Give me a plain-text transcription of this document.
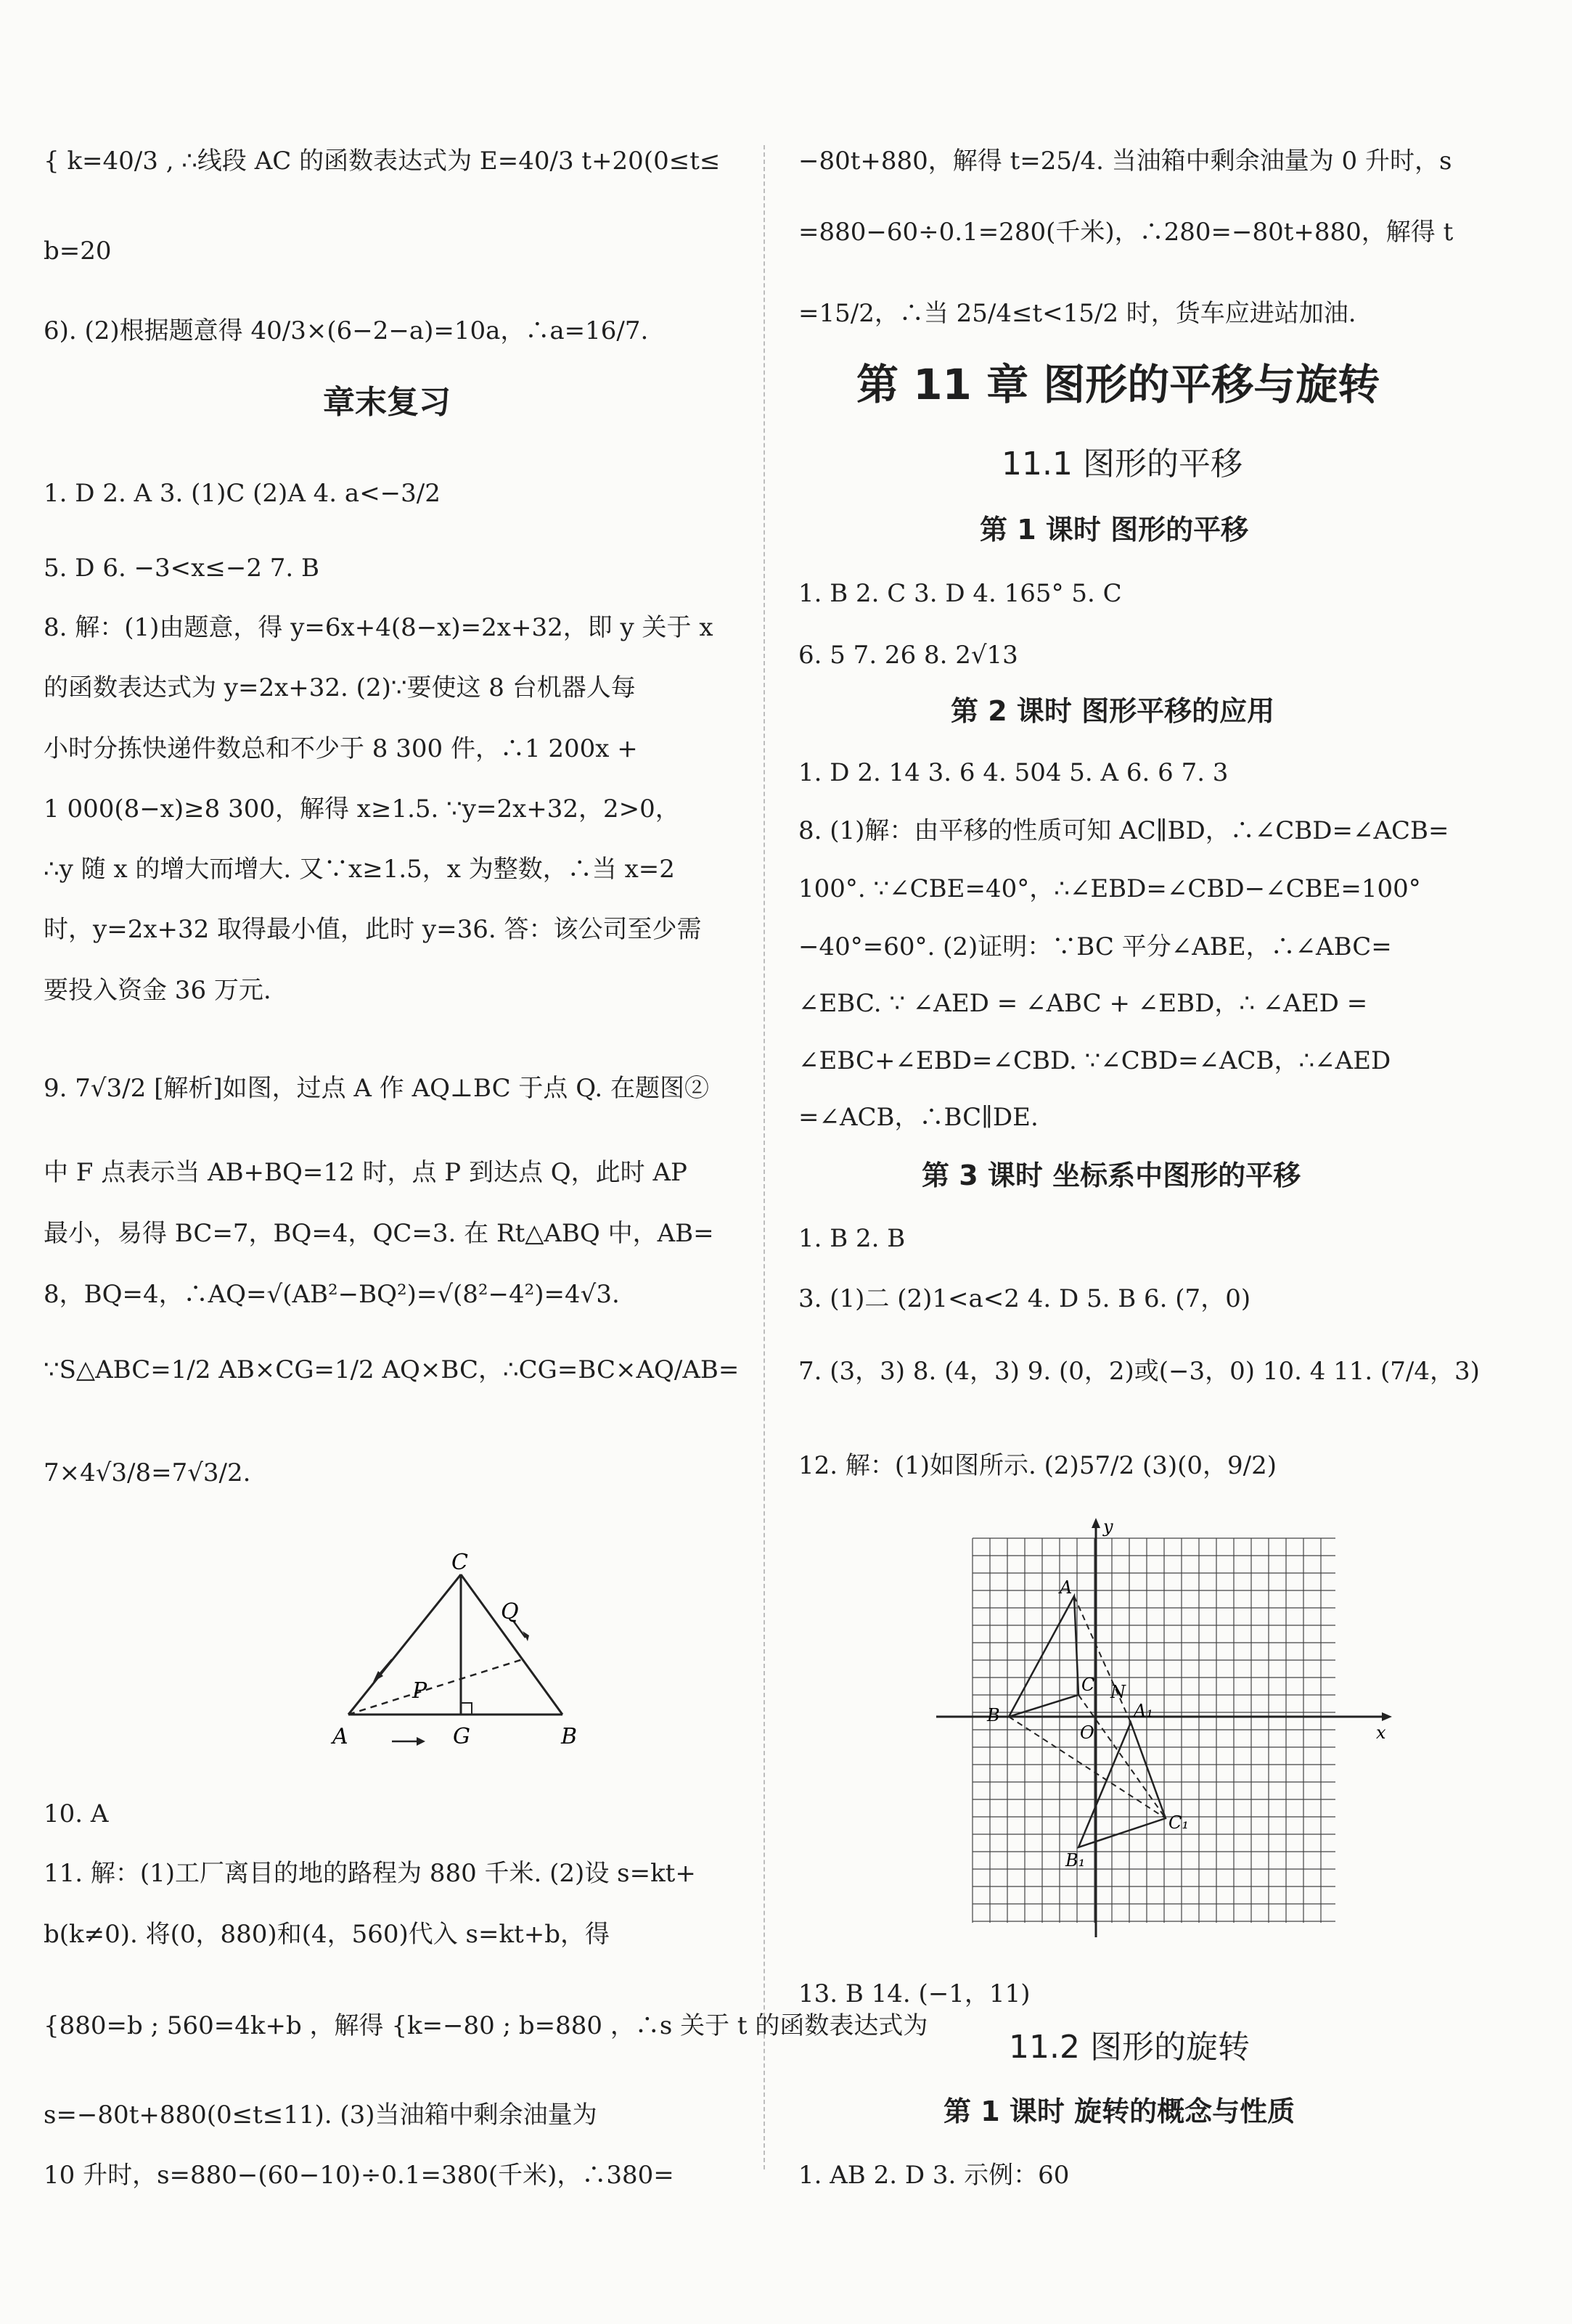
{ k=40/3 , ∴线段 AC 的函数表达式为 E=40/3 t+20(0≤t≤
b=20
6). (2)根据题意得 40/3×(6−2−a)=10a，∴a=16/7.
章末复习
1. D 2. A 3. (1)C (2)A 4. a<−3/2
5. D 6. −3<x≤−2 7. B
8. 解：(1)由题意，得 y=6x+4(8−x)=2x+32，即 y 关于 x
的函数表达式为 y=2x+32. (2)∵要使这 8 台机器人每
小时分拣快递件数总和不少于 8 300 件，∴1 200x +
1 000(8−x)≥8 300，解得 x≥1.5. ∵y=2x+32，2>0，
∴y 随 x 的增大而增大. 又∵x≥1.5，x 为整数，∴当 x=2
时，y=2x+32 取得最小值，此时 y=36. 答：该公司至少需
要投入资金 36 万元.
9. 7√3/2 [解析]如图，过点 A 作 AQ⊥BC 于点 Q. 在题图②
中 F 点表示当 AB+BQ=12 时，点 P 到达点 Q，此时 AP
最小，易得 BC=7，BQ=4，QC=3. 在 Rt△ABQ 中，AB=
8，BQ=4，∴AQ=√(AB²−BQ²)=√(8²−4²)=4√3.
∵S△ABC=1/2 AB×CG=1/2 AQ×BC，∴CG=BC×AQ/AB=
7×4√3/8=7√3/2.
C
Q
P
A	G	B
10. A
11. 解：(1)工厂离目的地的路程为 880 千米. (2)设 s=kt+
b(k≠0). 将(0，880)和(4，560)代入 s=kt+b，得
{880=b ; 560=4k+b ，解得 {k=−80 ; b=880 ，∴s 关于 t 的函数表达式为
s=−80t+880(0≤t≤11). (3)当油箱中剩余油量为
10 升时，s=880−(60−10)÷0.1=380(千米)，∴380=
−80t+880，解得 t=25/4. 当油箱中剩余油量为 0 升时，s
=880−60÷0.1=280(千米)，∴280=−80t+880，解得 t
=15/2，∴当 25/4≤t<15/2 时，货车应进站加油.
第 11 章 图形的平移与旋转
11.1 图形的平移
第 1 课时 图形的平移
1. B 2. C 3. D 4. 165° 5. C
6. 5 7. 26 8. 2√13
第 2 课时 图形平移的应用
1. D 2. 14 3. 6 4. 504 5. A 6. 6 7. 3
8. (1)解：由平移的性质可知 AC∥BD，∴∠CBD=∠ACB=
100°. ∵∠CBE=40°，∴∠EBD=∠CBD−∠CBE=100°
−40°=60°. (2)证明：∵BC 平分∠ABE，∴∠ABC=
∠EBC. ∵ ∠AED = ∠ABC + ∠EBD，∴ ∠AED =
∠EBC+∠EBD=∠CBD. ∵∠CBD=∠ACB，∴∠AED
=∠ACB，∴BC∥DE.
第 3 课时 坐标系中图形的平移
1. B 2. B
3. (1)二 (2)1<a<2 4. D 5. B 6. (7，0)
7. (3，3) 8. (4，3) 9. (0，2)或(−3，0) 10. 4 11. (7/4，3)
12. 解：(1)如图所示. (2)57/2 (3)(0，9/2)
y
x
O
A
B
C N
A₁
B₁
C₁
13. B 14. (−1，11)
11.2 图形的旋转
第 1 课时 旋转的概念与性质
1. AB 2. D 3. 示例：60
